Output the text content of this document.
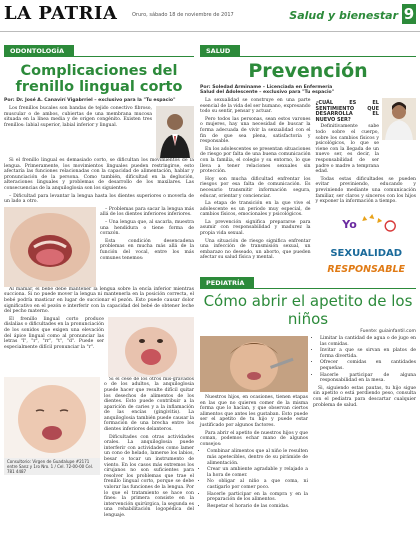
LA PATRIA	Oruro, sábado 18 de noviembre de 2017	Salud y bienestar 9
ODONTOLOGÍA
Complicaciones del frenillo lingual corto
Por: Dr. José A. Canavirí Vigabrriel – exclusivo para la "Tu espacio"

Los frenillos bucales son bandas de tejido conectivo fibroso, muscular o de ambos, cubiertas de una membrana mucosa situada en la línea media y de origen congénito. Existen tres frenillos: labial superior, labial inferior y lingual.

Si el frenillo lingual es demasiado corto, se dificultan los movimientos de la lengua. Primeramente, los movimientos linguales pueden restringirse, esto afectaría las funciones relacionadas con la capacidad de alimentación, hablar y pronunciación de la persona. Como también, dificultad en la deglución, alteraciones linguales y problemas de desarrollo de los maxilares. Las consecuencias de la anquiloglosia son los siguientes:

– Dificultad para levantar la lengua hasta los dientes superiores o moverla de un lado a otro.

– Problemas para sacar la lengua más allá de los dientes inferiores inferiores.

– Una lengua que, al sacarla, muestra una hendidura o tiene forma de corazón.

Esta condición desencadena problemas en mucha más allá de la función del vocal, entre los más comunes tenemos:

Al mamar, el bebé debe mantener la lengua sobre la encía inferior mientras succiona. Si no puede mover la lengua ni mantenerla en la posición correcta, el bebé podría masticar en lugar de succionar el pezón. Esto puede causar dolor significativo en el pezón e interferir con la capacidad del bebé de obtener leche del pecho materno.

El frenillo lingual corto produce dislalias o dificultades en la pronunciación de los sonidos que exigen una elevación del ápice lingual como al pronunciar las letras "l", "r", "rr", "t", "d". Puede ser especialmente difícil pronunciar la "r".

Consultorio: Virgen de Guadalupe #2171 entre Sanz y 1ro Nro. 1 / Cel. 72-00-00 Cel. 781 4487

Si el cese de los otros mis-gravados o de los adultos, la anquiloglosia puede hacer que resulte difícil quitar los desechos de alimentos de los dientes. Esto puede contribuir a la aparición de caries y a la inflamación de las encías (gingivitis). La anquiloglosia también puede causar la formación de una brecha entre los dientes inferiores delanteros.

Dificultades con otras actividades orales. La anquiloglosia puede interferir con actividades como lamer un cono de helado, lamerse los labios, besar o tocar un instrumento de viento. En los casos más extremos los cirujanos no son suficientes para resolver los problemas que trae el frenillo lingual corto, porque se debe valorar las funciones de la lengua. Por lo que el tratamiento se hace con fines: la primera consiste en la intervención quirúrgica, la segunda es una rehabilitación logopédica del lenguaje.

SALUD
Prevención
Por: Soledad Arminame – Licenciada en Enfermería
Salud del Adolescente – exclusivo para "Tu espacio"

La sexualidad se construye en una parte esencial de la vida del ser humano, expresando todo su sentir, pensar y actuar.

Pero todos las personas, sean estos varones o mujeres, hay una necesidad de buscar la forma adecuada de vivir la sexualidad con el fin de que sea plena, satisfactoria y responsable.

En los adolescentes se presentan situaciones de riesgo por falta de una buena comunicación con la familia, el colegio y su entorno, lo que lleva a tener relaciones sexuales sin protección.

Hoy son mucha dificultad enfrentar los riesgos por esa falta de comunicación. Es necesario transmitir información segura, educar, orientar y concienciar.

La etapa de transición en la que vive el adolescente es un periodo muy especial, de cambios físicos, emocionales y psicológicos.

La prevención significa prepararse para asumir con responsabilidad y madurez la propia vida sexual.

Una situación de riesgo significa enfrentar una infección de transmisión sexual, un embarazo no deseado, un aborto, que pueden afectar su salud física y mental.

¿CUÁL ES EL SENTIMIENTO QUE DESARROLLA EL NUEVO SER?

Definitivamente sabe todo sobre el cuerpo, sobre los cambios físicos y psicológicos, lo que se viene con la llegada de un nuevo ser, es decir, la responsabilidad de ser padre o madre a temprana edad.

Todas estas dificultades se pueden evitar previniendo, educando y previniendo mediante una comunicación familiar, ser claros y sinceros con los hijos y exponer la información a tiempo.

Yo
SEXUALIDAD
RESPONSABLE
PEDIATRÍA
Cómo abrir el apetito de los niños
Fuente: guiainfantil.com

Nuestros hijos, en ocasiones, tienen etapas en las que no quieren comer de la misma forma que lo hacían, y que observan ciertos alimentos que antes les gustaban. Esto puede ser el apetito de tu hijo y puede estar justificado por algunos factores.

Para abrir el apetito de nuestros hijos y que coman, podemos echar mano de algunos consejos:

• Combinar alimentos que al niño le resulten más apetecibles, dentro de su pirámide de alimentación.
• Crear un ambiente agradable y relajado a la hora de comer.
• No obligar al niño a que coma, ni castigarlo por comer poco.
• Hacerle participar en la compra y en la preparación de los alimentos.
• Respetar el horario de las comidas.
• Limitar la cantidad de agua o de jugo en las comidas.
• Invitar a que se sirvan en platos de forma divertida.
• Ofrecer comidas en cantidades pequeñas.
• Hacerle participar de alguna responsabilidad en la mesa.

Si, siguiendo estas pautas, tu hijo sigue sin apetito o está perdiendo peso, consulta con el pediatra para descartar cualquier problema de salud.
